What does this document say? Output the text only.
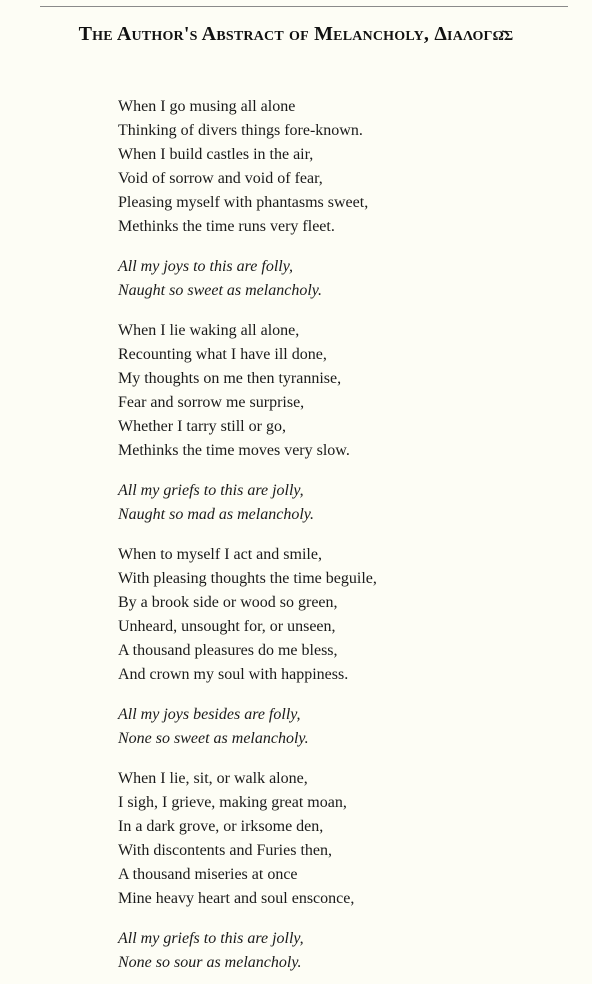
The Author's Abstract of Melancholy, Διαλογῶς
When I go musing all alone
Thinking of divers things fore-known.
When I build castles in the air,
Void of sorrow and void of fear,
Pleasing myself with phantasms sweet,
Methinks the time runs very fleet.
All my joys to this are folly,
Naught so sweet as melancholy.
When I lie waking all alone,
Recounting what I have ill done,
My thoughts on me then tyrannise,
Fear and sorrow me surprise,
Whether I tarry still or go,
Methinks the time moves very slow.
All my griefs to this are jolly,
Naught so mad as melancholy.
When to myself I act and smile,
With pleasing thoughts the time beguile,
By a brook side or wood so green,
Unheard, unsought for, or unseen,
A thousand pleasures do me bless,
And crown my soul with happiness.
All my joys besides are folly,
None so sweet as melancholy.
When I lie, sit, or walk alone,
I sigh, I grieve, making great moan,
In a dark grove, or irksome den,
With discontents and Furies then,
A thousand miseries at once
Mine heavy heart and soul ensconce,
All my griefs to this are jolly,
None so sour as melancholy.
